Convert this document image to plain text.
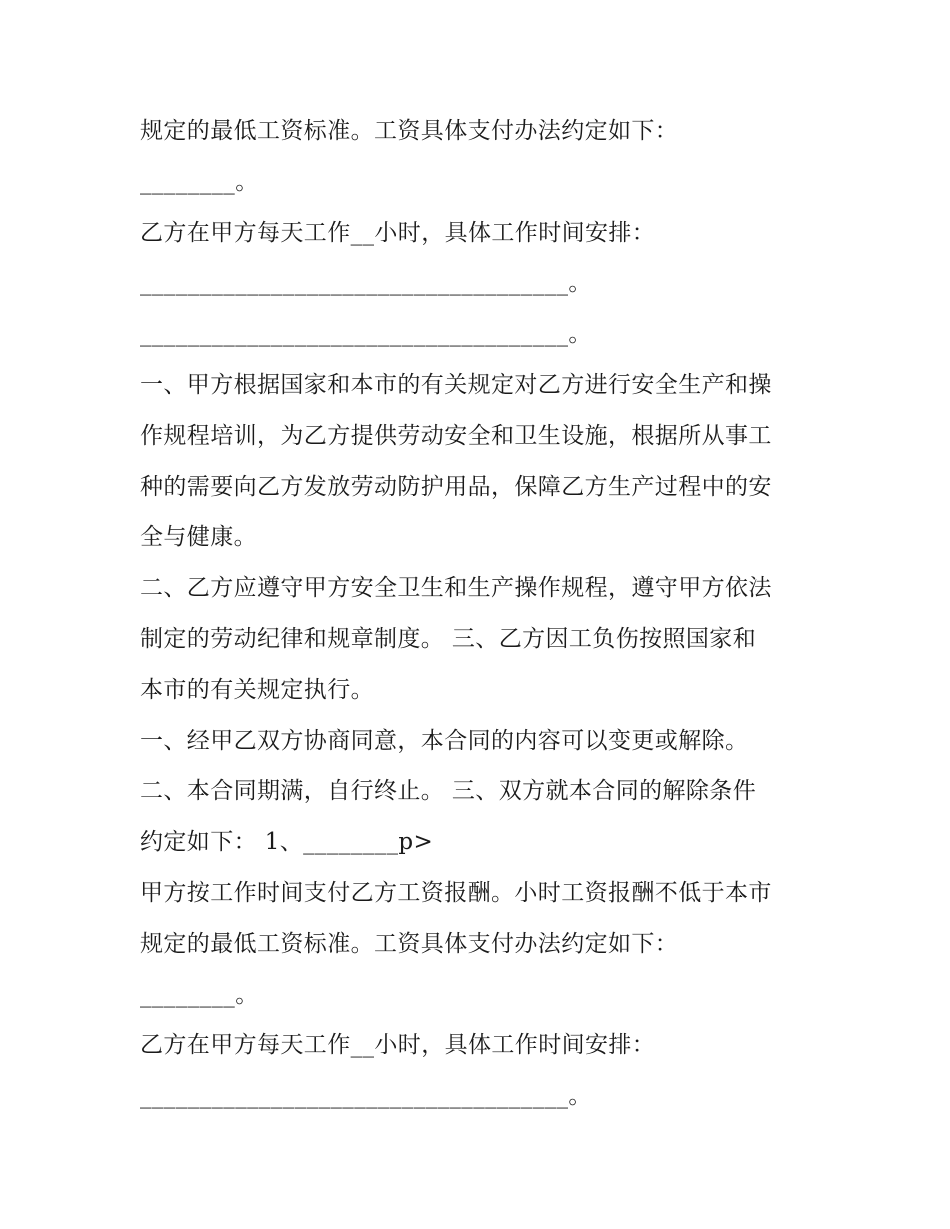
规定的最低工资标准。工资具体支付办法约定如下：
________。
乙方在甲方每天工作__小时，具体工作时间安排：
____________________________________。
____________________________________。
一、甲方根据国家和本市的有关规定对乙方进行安全生产和操
作规程培训，为乙方提供劳动安全和卫生设施，根据所从事工
种的需要向乙方发放劳动防护用品，保障乙方生产过程中的安
全与健康。
二、乙方应遵守甲方安全卫生和生产操作规程，遵守甲方依法
制定的劳动纪律和规章制度。 三、乙方因工负伤按照国家和
本市的有关规定执行。
一、经甲乙双方协商同意，本合同的内容可以变更或解除。
二、本合同期满，自行终止。 三、双方就本合同的解除条件
约定如下： 1、________p>
甲方按工作时间支付乙方工资报酬。小时工资报酬不低于本市
规定的最低工资标准。工资具体支付办法约定如下：
________。
乙方在甲方每天工作__小时，具体工作时间安排：
____________________________________。
